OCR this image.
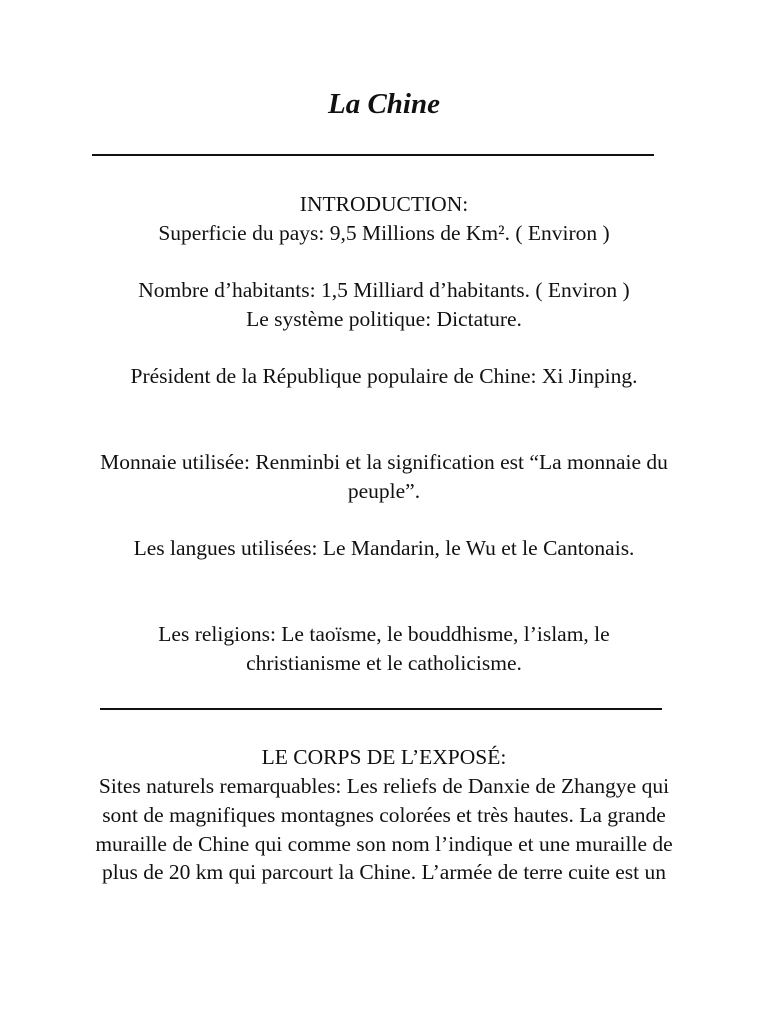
La Chine
INTRODUCTION:
Superficie du pays: 9,5 Millions de Km². ( Environ )
Nombre d’habitants: 1,5 Milliard d’habitants. ( Environ )
Le système politique: Dictature.
Président de la République populaire de Chine: Xi Jinping.
Monnaie utilisée: Renminbi et la signification est “La monnaie du peuple”.
Les langues utilisées: Le Mandarin, le Wu et le Cantonais.
Les religions: Le taoïsme, le bouddhisme, l’islam, le christianisme et le catholicisme.
LE CORPS DE L’EXPOSÉ:
Sites naturels remarquables: Les reliefs de Danxie de Zhangye qui sont de magnifiques montagnes colorées et très hautes. La grande muraille de Chine qui comme son nom l’indique et une muraille de plus de 20 km qui parcourt la Chine. L’armée de terre cuite est un
